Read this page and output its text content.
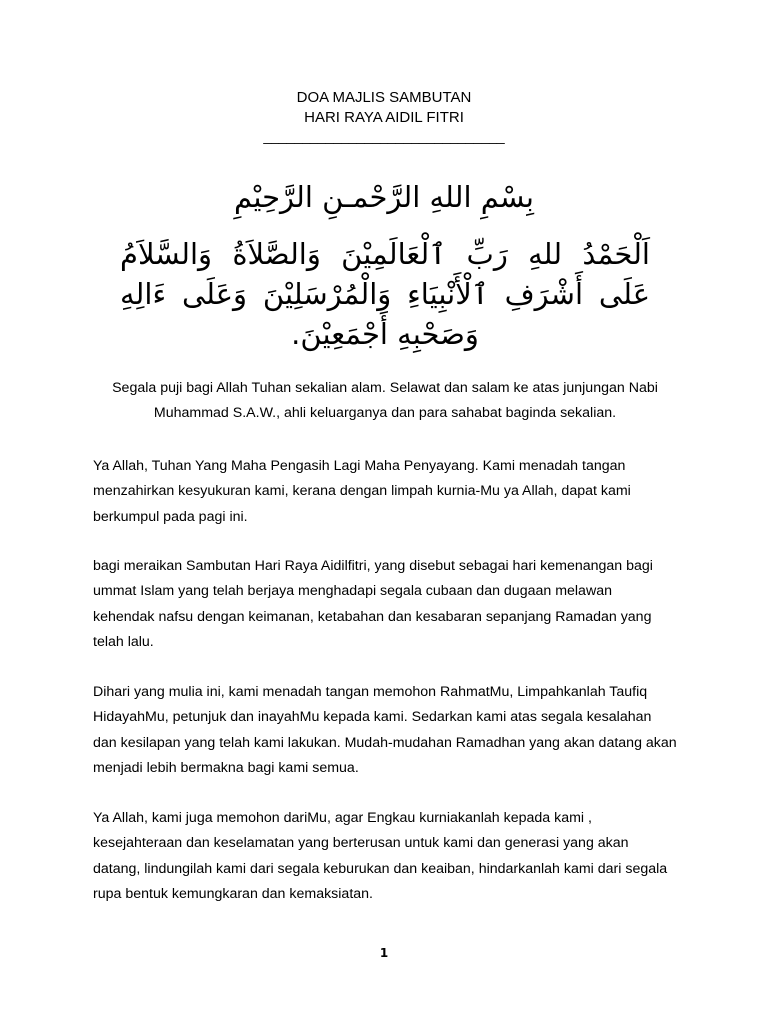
DOA MAJLIS SAMBUTAN

HARI RAYA AIDIL FITRI

_______________________________

بِسْمِ اللهِ الرَّحْمـنِ الرَّحِيْمِ

اَلْحَمْدُ للهِ رَبِّ ٱلْعَالَمِيْنَ وَالصَّلاَةُ وَالسَّلاَمُ عَلَى أَشْرَفِ ٱلْأَنْبِيَاءِ وَالْمُرْسَلِيْنَ وَعَلَى ءَالِهِ وَصَحْبِهِ أَجْمَعِيْنَ.

Segala puji bagi Allah Tuhan sekalian alam. Selawat dan salam ke atas junjungan Nabi Muhammad S.A.W., ahli keluarganya dan para sahabat baginda sekalian.

Ya Allah, Tuhan Yang Maha Pengasih Lagi Maha Penyayang. Kami menadah tangan menzahirkan kesyukuran kami, kerana dengan limpah kurnia-Mu ya Allah, dapat kami berkumpul pada pagi ini.

bagi meraikan Sambutan Hari Raya Aidilfitri, yang disebut sebagai hari kemenangan bagi ummat Islam yang telah berjaya menghadapi segala cubaan dan dugaan melawan kehendak nafsu dengan keimanan, ketabahan dan kesabaran sepanjang Ramadan yang telah lalu.

Dihari yang mulia ini, kami menadah tangan memohon RahmatMu, Limpahkanlah Taufiq HidayahMu, petunjuk dan inayahMu kepada kami. Sedarkan kami atas segala kesalahan dan kesilapan yang telah kami lakukan. Mudah-mudahan Ramadhan yang akan datang akan menjadi lebih bermakna bagi kami semua.

Ya Allah, kami juga memohon dariMu, agar Engkau kurniakanlah kepada kami , kesejahteraan dan keselamatan yang berterusan untuk kami dan generasi yang akan datang, lindungilah kami dari segala keburukan dan keaiban, hindarkanlah kami dari segala rupa bentuk kemungkaran dan kemaksiatan.

1
